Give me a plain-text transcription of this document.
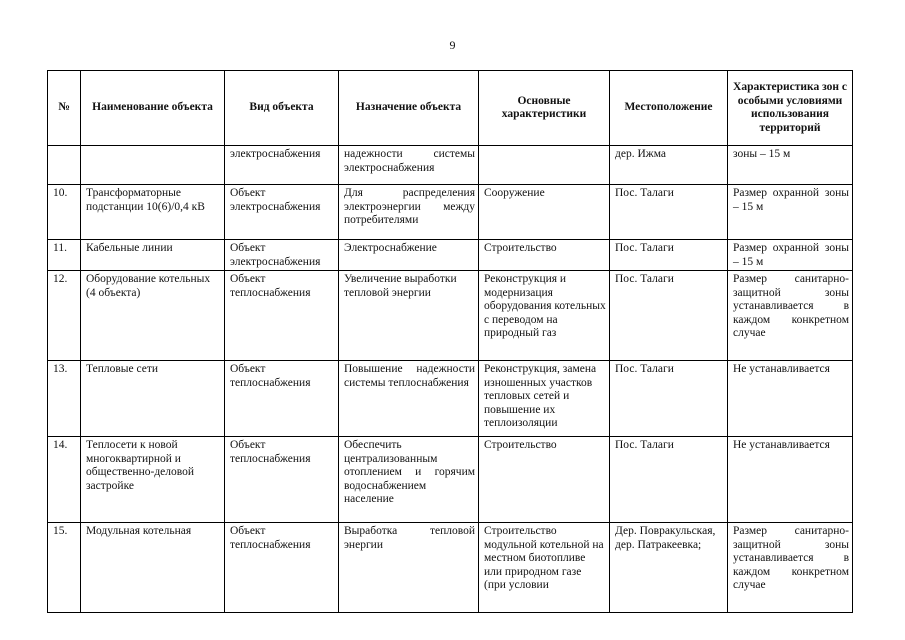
9
№	Наименование объекта	Вид объекта	Назначение объекта	Основные характеристики	Местоположение	Характеристика зон с особыми условиями использования территорий
		электроснабжения	надежности системы электроснабжения		дер. Ижма	зоны – 15 м
10.	Трансформаторные подстанции 10(6)/0,4 кВ	Объект электроснабжения	Для распределения электроэнергии между потребителями	Сооружение	Пос. Талаги	Размер охранной зоны – 15 м
11.	Кабельные линии	Объект электроснабжения	Электроснабжение	Строительство	Пос. Талаги	Размер охранной зоны – 15 м
12.	Оборудование котельных (4 объекта)	Объект теплоснабжения	Увеличение выработки тепловой энергии	Реконструкция и модернизация оборудования котельных с переводом на природный газ	Пос. Талаги	Размер санитарно-защитной зоны устанавливается в каждом конкретном случае
13.	Тепловые сети	Объект теплоснабжения	Повышение надежности системы теплоснабжения	Реконструкция, замена изношенных участков тепловых сетей и повышение их теплоизоляции	Пос. Талаги	Не устанавливается
14.	Теплосети к новой многоквартирной и общественно-деловой застройке	Объект теплоснабжения	Обеспечить централизованным отоплением и горячим водоснабжением население	Строительство	Пос. Талаги	Не устанавливается
15.	Модульная котельная	Объект теплоснабжения	Выработка тепловой энергии	Строительство модульной котельной на местном биотопливе или природном газе (при условии	Дер. Повракульская, дер. Патракеевка;	Размер санитарно-защитной зоны устанавливается в каждом конкретном случае
